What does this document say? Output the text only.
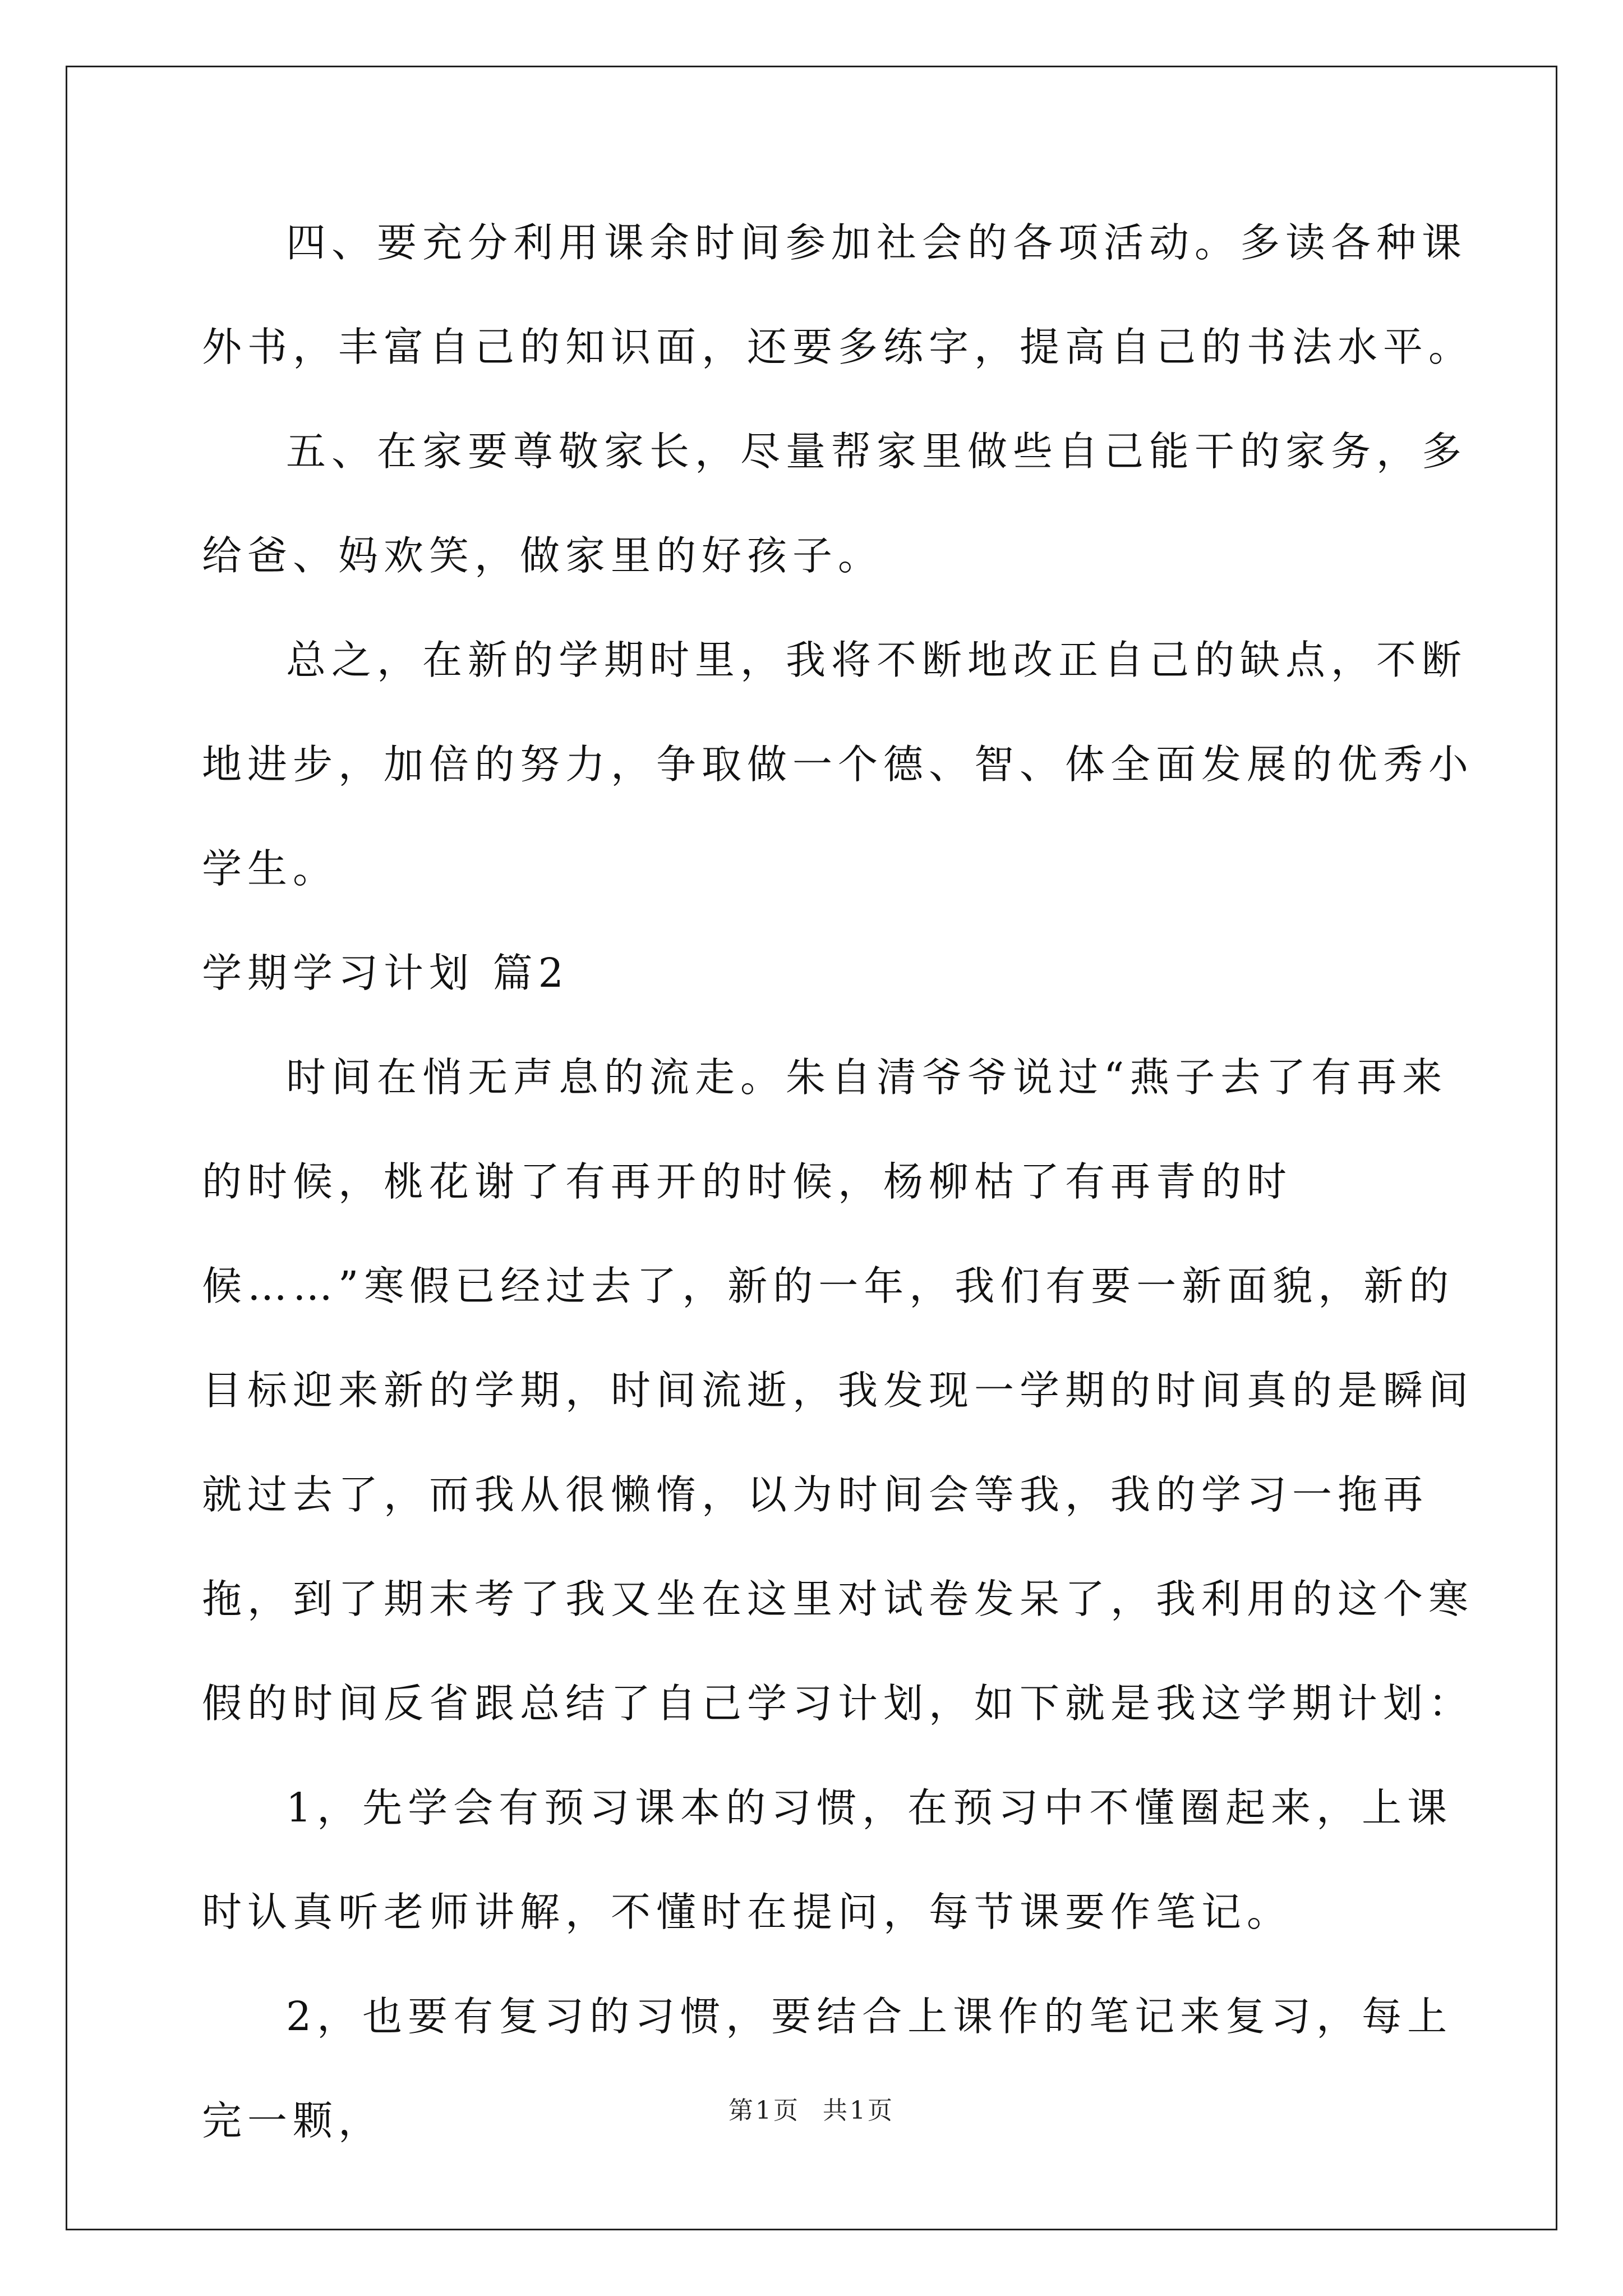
四、要充分利用课余时间参加社会的各项活动。多读各种课外书，丰富自己的知识面，还要多练字，提高自己的书法水平。

五、在家要尊敬家长，尽量帮家里做些自己能干的家务，多给爸、妈欢笑，做家里的好孩子。

总之，在新的学期时里，我将不断地改正自己的缺点，不断地进步，加倍的努力，争取做一个德、智、体全面发展的优秀小学生。

学期学习计划 篇2

时间在悄无声息的流走。朱自清爷爷说过“燕子去了有再来的时候，桃花谢了有再开的时候，杨柳枯了有再青的时候……”寒假已经过去了，新的一年，我们有要一新面貌，新的目标迎来新的学期，时间流逝，我发现一学期的时间真的是瞬间就过去了，而我从很懒惰，以为时间会等我，我的学习一拖再拖，到了期末考了我又坐在这里对试卷发呆了，我利用的这个寒假的时间反省跟总结了自己学习计划，如下就是我这学期计划：

1，先学会有预习课本的习惯，在预习中不懂圈起来，上课时认真听老师讲解，不懂时在提问，每节课要作笔记。

2，也要有复习的习惯，要结合上课作的笔记来复习，每上完一颗，	第1页 共1页
